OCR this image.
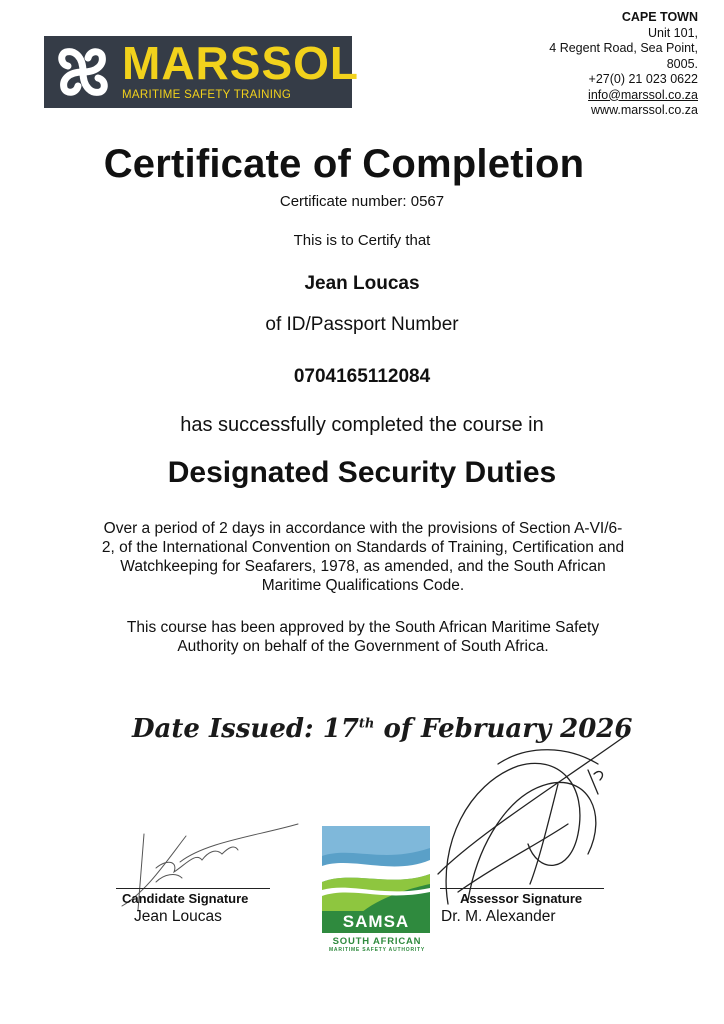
MARSSOL
MARITIME SAFETY TRAINING
CAPE TOWN
Unit 101,
4 Regent Road, Sea Point,
8005.
+27(0) 21 023 0622
info@marssol.co.za
www.marssol.co.za
Certificate of Completion
Certificate number: 0567
This is to Certify that
Jean Loucas
of ID/Passport Number
0704165112084
has successfully completed the course in
Designated Security Duties
Over a period of 2 days in accordance with the provisions of Section A-VI/6-2, of the International Convention on Standards of Training, Certification and Watchkeeping for Seafarers, 1978, as amended, and the South African Maritime Qualifications Code.
This course has been approved by the South African Maritime Safety Authority on behalf of the Government of South Africa.
Date Issued: 17th of February 2026
Candidate Signature
Jean Loucas
Assessor Signature
Dr. M. Alexander
SAMSA
SOUTH AFRICAN
MARITIME SAFETY AUTHORITY
